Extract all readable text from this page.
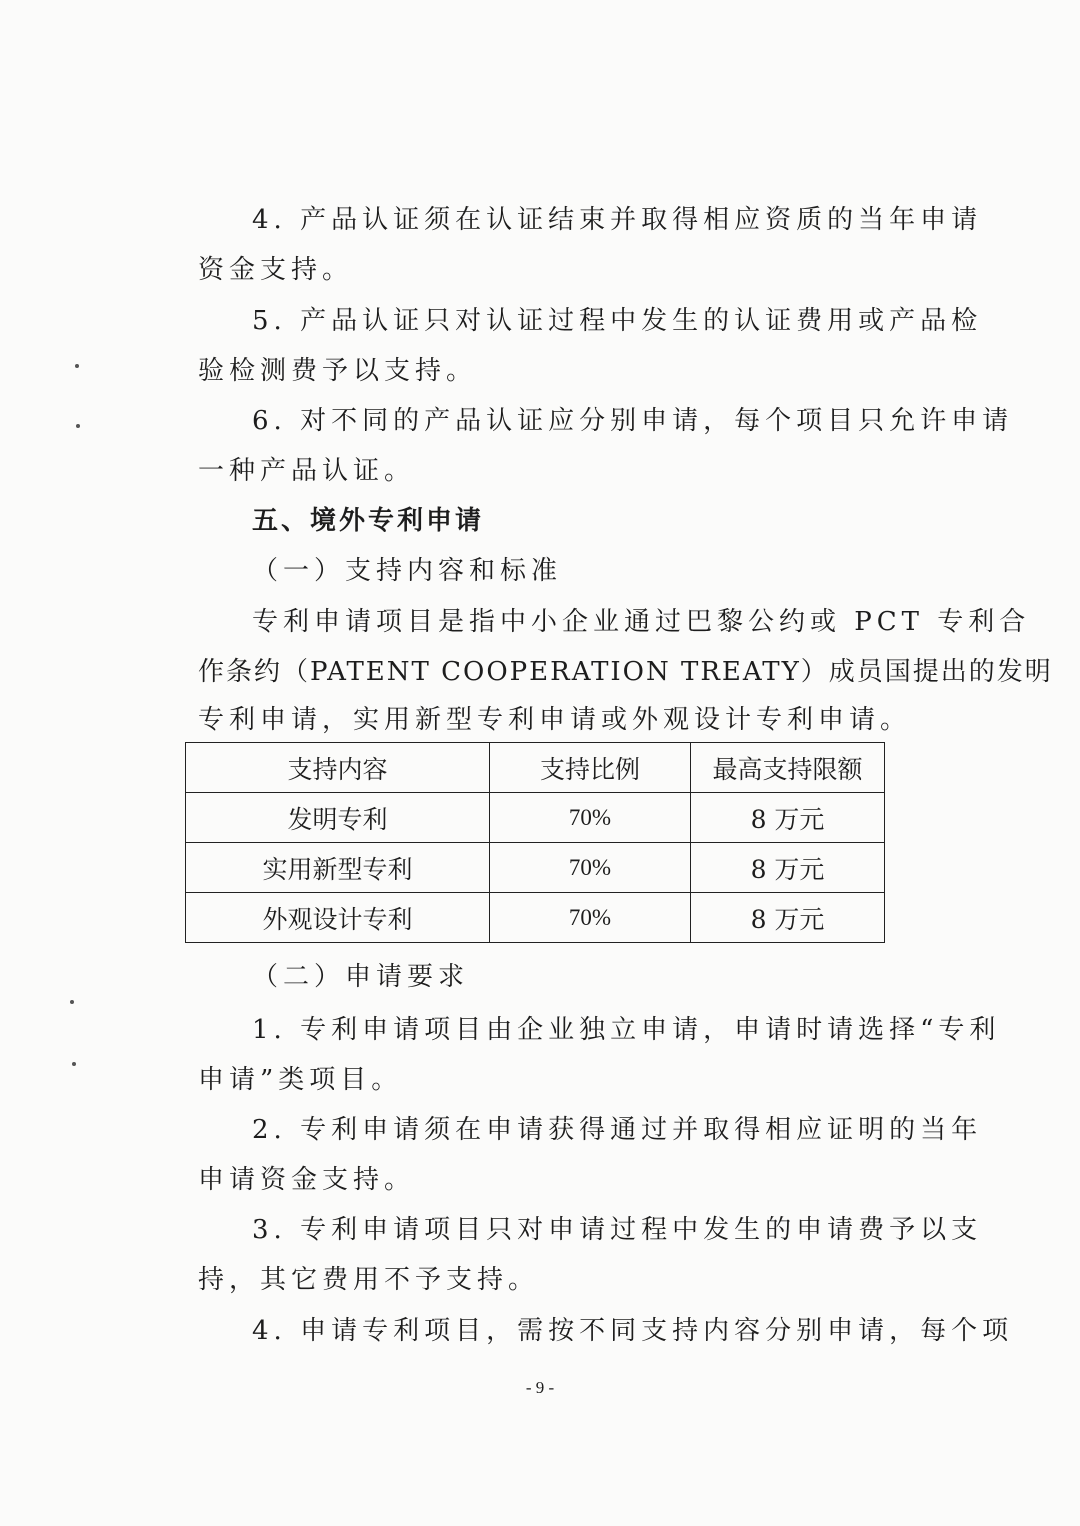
4. 产品认证须在认证结束并取得相应资质的当年申请
资金支持。
5. 产品认证只对认证过程中发生的认证费用或产品检
验检测费予以支持。
6. 对不同的产品认证应分别申请，每个项目只允许申请
一种产品认证。
五、境外专利申请
（一）支持内容和标准
专利申请项目是指中小企业通过巴黎公约或 PCT 专利合
作条约（PATENT COOPERATION TREATY）成员国提出的发明
专利申请，实用新型专利申请或外观设计专利申请。
支持内容	支持比例	最高支持限额
发明专利	70%	8 万元
实用新型专利	70%	8 万元
外观设计专利	70%	8 万元
（二）申请要求
1. 专利申请项目由企业独立申请，申请时请选择“专利
申请”类项目。
2. 专利申请须在申请获得通过并取得相应证明的当年
申请资金支持。
3. 专利申请项目只对申请过程中发生的申请费予以支
持，其它费用不予支持。
4. 申请专利项目，需按不同支持内容分别申请，每个项
- 9 -
